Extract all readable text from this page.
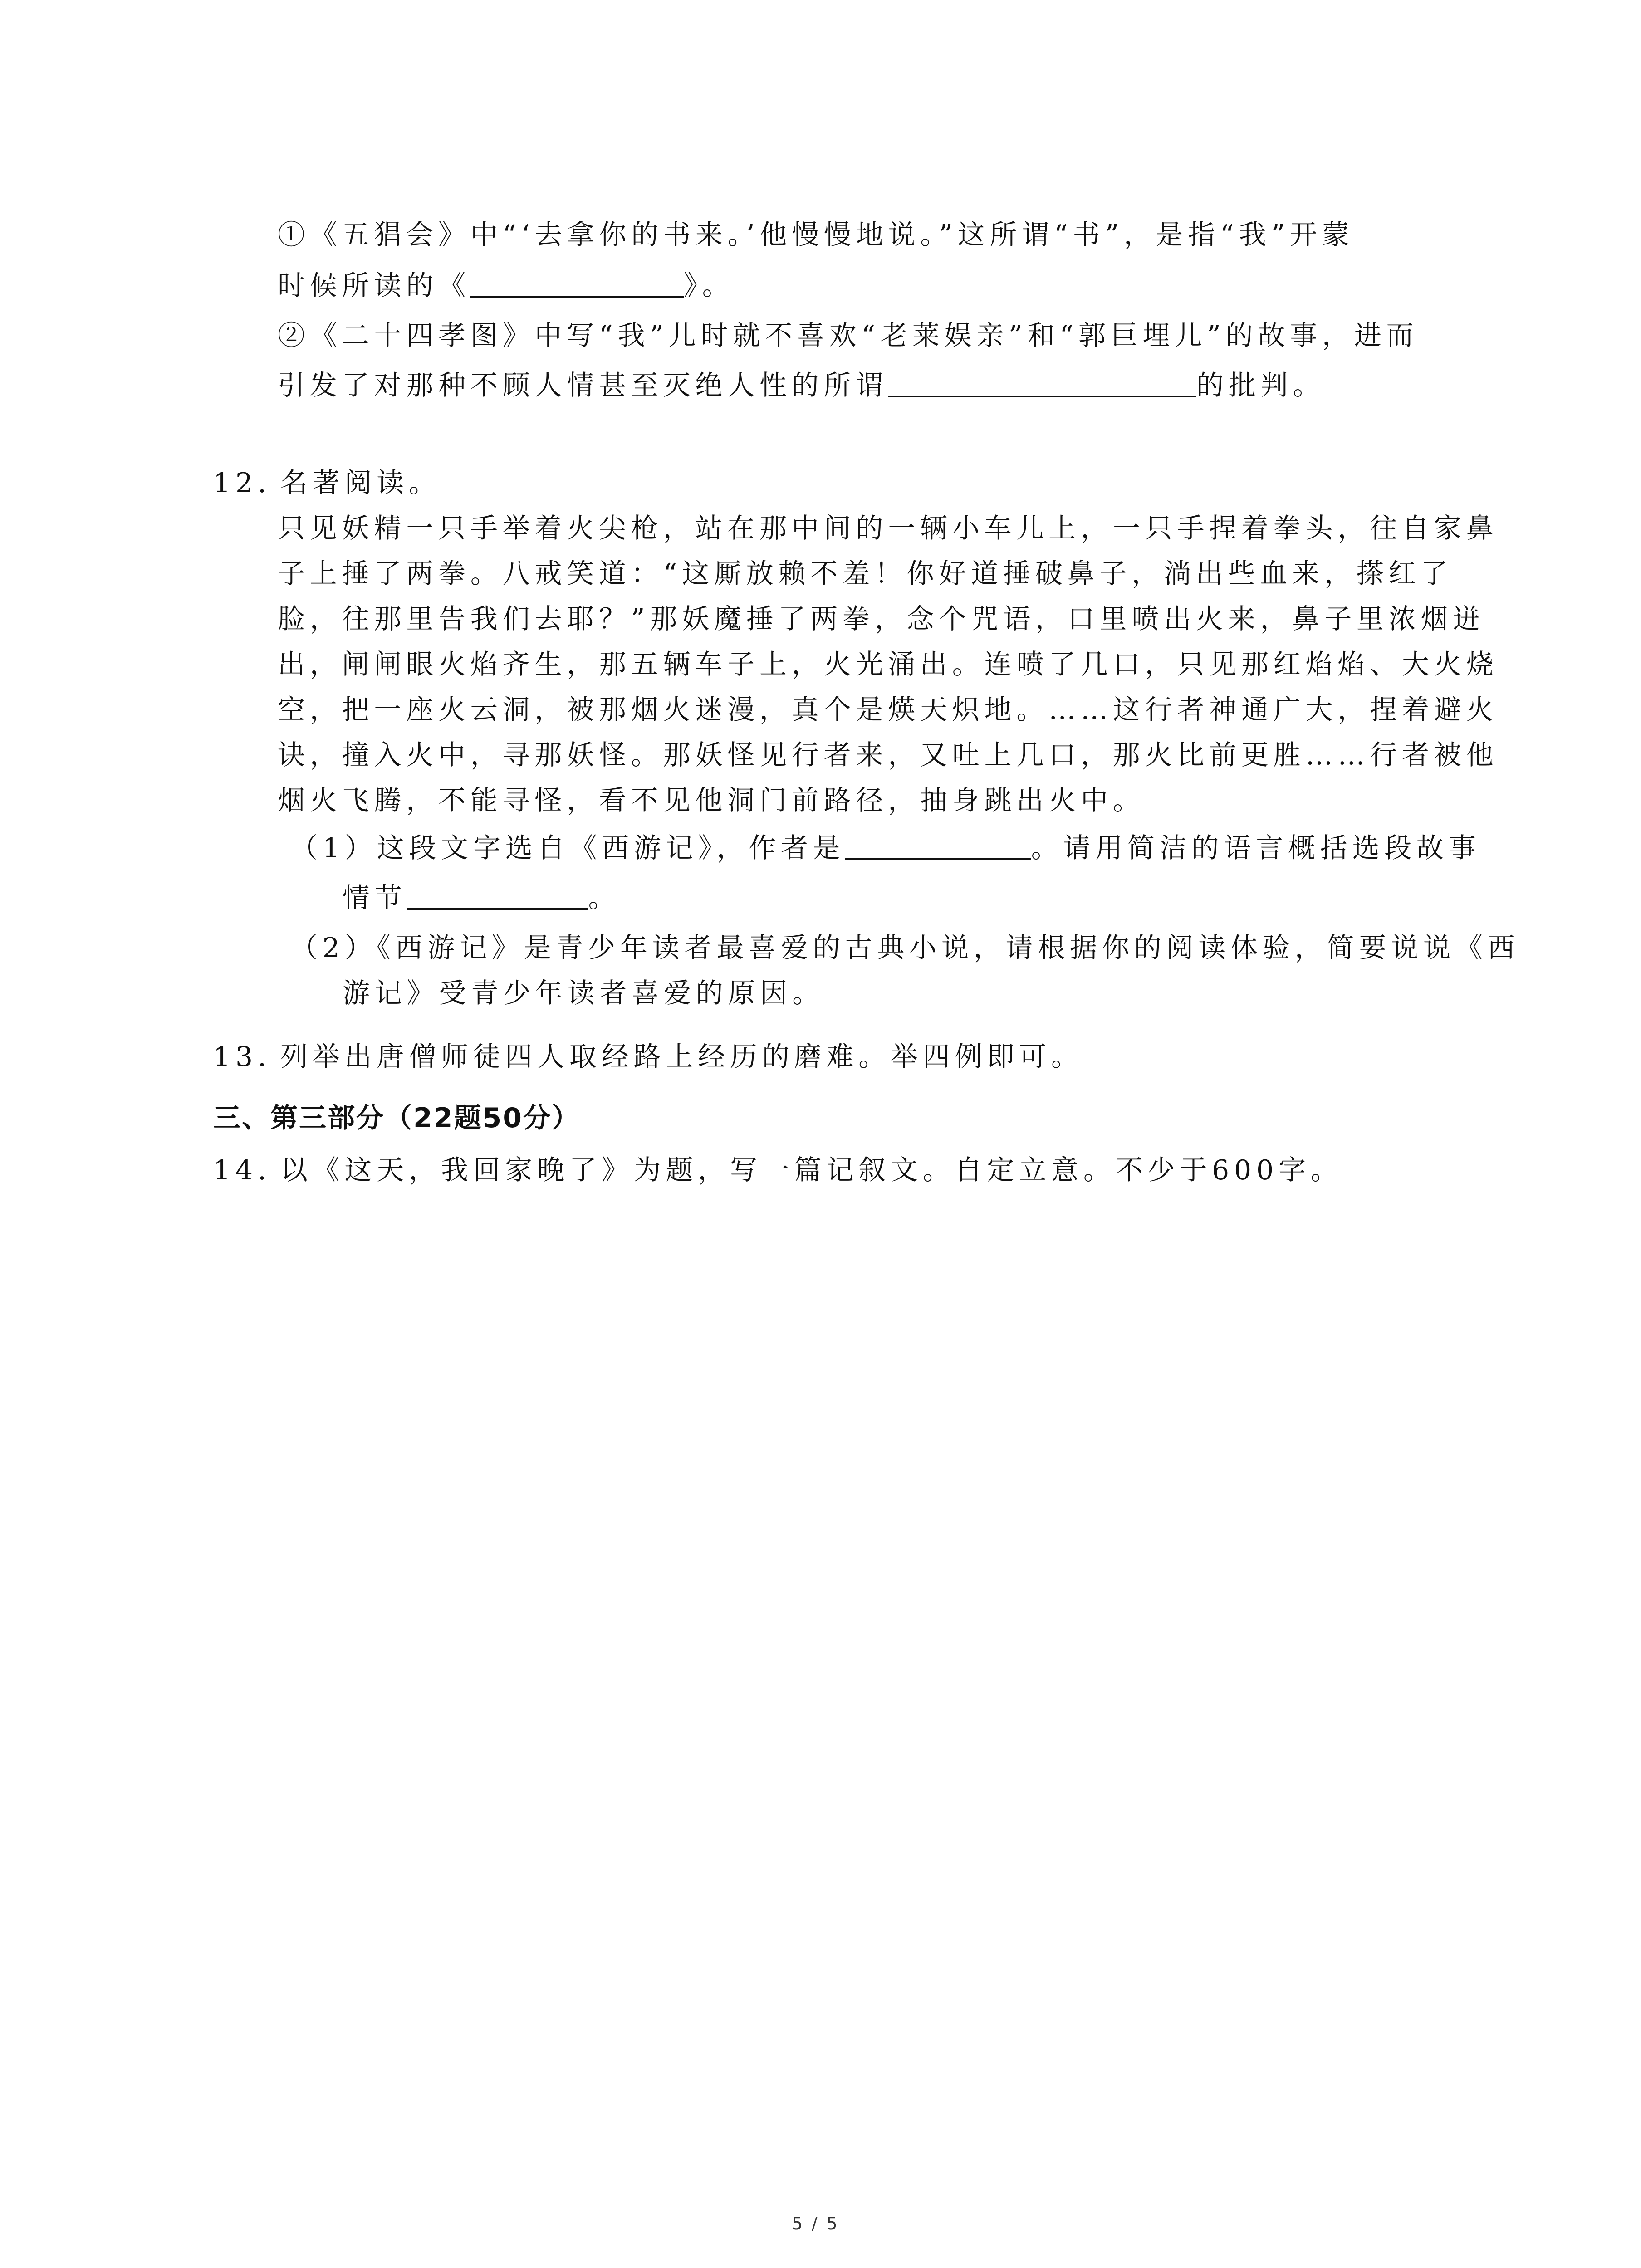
①《五猖会》中“‘去拿你的书来。’他慢慢地说。”这所谓“书”，是指“我”开蒙
时候所读的《	》。
②《二十四孝图》中写“我”儿时就不喜欢“老莱娱亲”和“郭巨埋儿”的故事，进而
引发了对那种不顾人情甚至灭绝人性的所谓	的批判。
12. 名著阅读。
只见妖精一只手举着火尖枪，站在那中间的一辆小车儿上，一只手捏着拳头，往自家鼻
子上捶了两拳。八戒笑道：“这厮放赖不羞！你好道捶破鼻子，淌出些血来，搽红了
脸，往那里告我们去耶？”那妖魔捶了两拳，念个咒语，口里喷出火来，鼻子里浓烟迸
出，闸闸眼火焰齐生，那五辆车子上，火光涌出。连喷了几口，只见那红焰焰、大火烧
空，把一座火云洞，被那烟火迷漫，真个是煐天炽地。……这行者神通广大，捏着避火
诀，撞入火中，寻那妖怪。那妖怪见行者来，又吐上几口，那火比前更胜……行者被他
烟火飞腾，不能寻怪，看不见他洞门前路径，抽身跳出火中。
（1）这段文字选自《西游记》，作者是	。请用简洁的语言概括选段故事
情节	。
（2）《西游记》是青少年读者最喜爱的古典小说，请根据你的阅读体验，简要说说《西
游记》受青少年读者喜爱的原因。
13. 列举出唐僧师徒四人取经路上经历的磨难。举四例即可。
三、第三部分（22题50分）
14. 以《这天，我回家晚了》为题，写一篇记叙文。自定立意。不少于600字。
5 / 5
